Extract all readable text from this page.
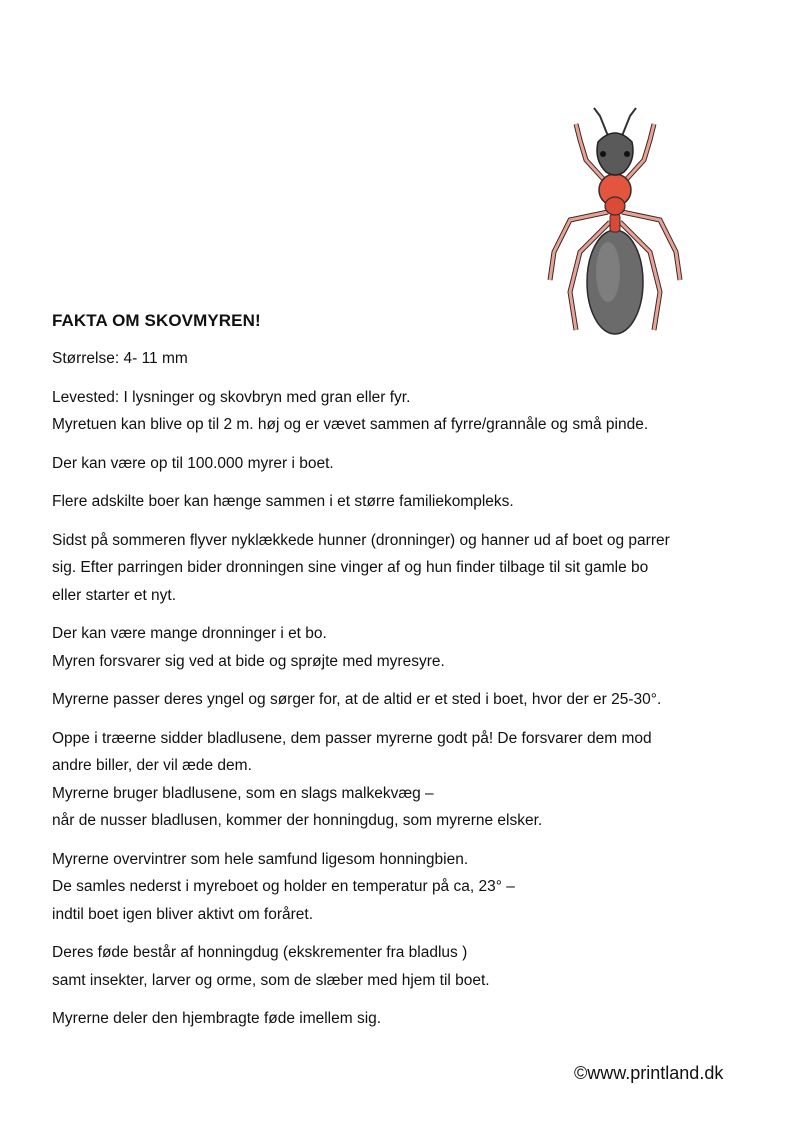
FAKTA OM SKOVMYREN!

Størrelse: 4- 11 mm

Levested: I lysninger og skovbryn med gran eller fyr.
Myretuen kan blive op til 2 m. høj og er vævet sammen af fyrre/grannåle og små pinde.

Der kan være op til 100.000 myrer i boet.

Flere adskilte boer kan hænge sammen i et større familiekompleks.

Sidst på sommeren flyver nyklækkede hunner (dronninger) og hanner ud af boet og parrer
sig. Efter parringen bider dronningen sine vinger af og hun finder tilbage til sit gamle bo
eller starter et nyt.

Der kan være mange dronninger i et bo.
Myren forsvarer sig ved at bide og sprøjte med myresyre.

Myrerne passer deres yngel og sørger for, at de altid er et sted i boet, hvor der er 25-30°.

Oppe i træerne sidder bladlusene, dem passer myrerne godt på! De forsvarer dem mod
andre biller, der vil æde dem.
Myrerne bruger bladlusene, som en slags malkekvæg –
når de nusser bladlusen, kommer der honningdug, som myrerne elsker.

Myrerne overvintrer som hele samfund ligesom honningbien.
De samles nederst i myreboet og holder en temperatur på ca, 23° –
indtil boet igen bliver aktivt om foråret.

Deres føde består af honningdug (ekskrementer fra bladlus )
samt insekter, larver og orme, som de slæber med hjem til boet.

Myrerne deler den hjembragte føde imellem sig.

©www.printland.dk
